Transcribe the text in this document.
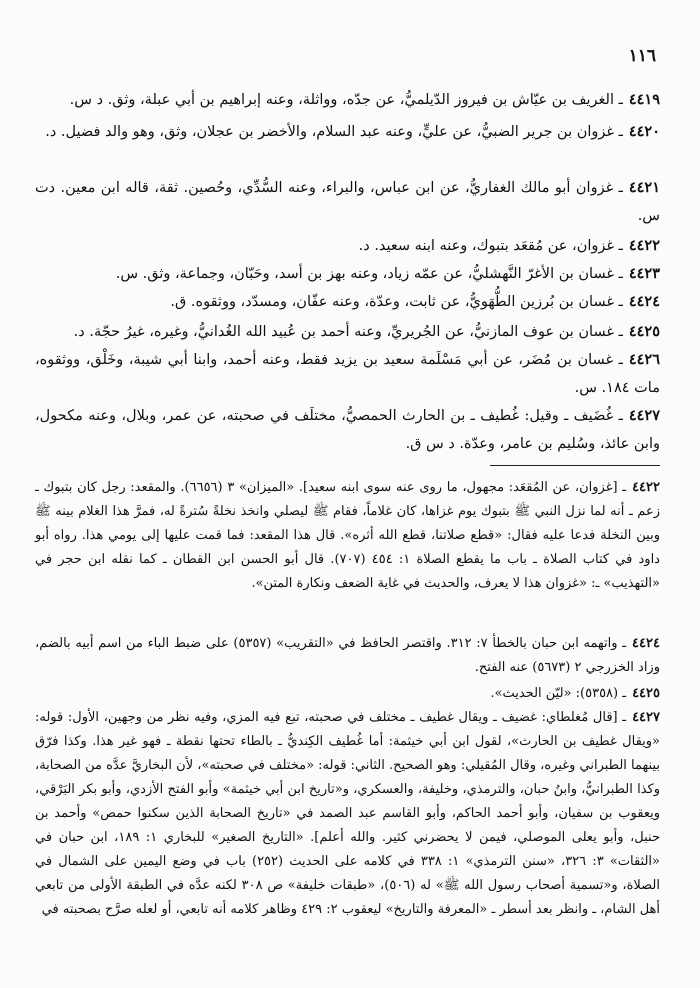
١١٦
٤٤١٩ـ الغريف بن عيّاش بن فيروز الدّيلميُّ، عن جدّه، وواثلة، وعنه إبراهيم بن أبي عبلة، وثق. د س.
٤٤٢٠ـ غزوان بن جرير الضبيُّ، عن عليٍّ، وعنه عبد السلام، والأخضر بن عجلان، وثق، وهو والد فضيل. د.
٤٤٢١ـ غزوان أبو مالك الغفاريُّ، عن ابن عباس، والبراء، وعنه السُّدِّي، وحُصين. ثقة، قاله ابن معين. دت س.
٤٤٢٢ـ غزوان، عن مُقعَد بتبوك، وعنه ابنه سعيد. د.
٤٤٢٣ـ غسان بن الأغرّ النَّهشليُّ، عن عمّه زياد، وعنه بهز بن أسد، وحَبّان، وجماعة، وثق. س.
٤٤٢٤ـ غسان بن بُرزين الطُّهَويُّ، عن ثابت، وعدّة، وعنه عفّان، ومسدّد، ووثقوه. ق.
٤٤٢٥ـ غسان بن عوف المازنيُّ، عن الجُريريِّ، وعنه أحمد بن عُبيد الله الغُدانيُّ، وغيره، غيرُ حجّة. د.
٤٤٢٦ـ غسان بن مُضَر، عن أبي مَسْلَمة سعيد بن يزيد فقط، وعنه أحمد، وابنا أبي شيبة، وخَلْق، ووثقوه، مات ١٨٤. س.
٤٤٢٧ـ غُضَيف ـ وقيل: غُطيف ـ بن الحارث الحمصيُّ، مختلَف في صحبته، عن عمر، وبلال، وعنه مكحول، وابن عائذ، وسُليم بن عامر، وعدّة. د س ق.
٤٤٢٢ـ [غزوان، عن المُقعَد: مجهول، ما روى عنه سوى ابنه سعيد]. «الميزان» ٣ (٦٦٥٦). والمقعد: رجل كان بتبوك ـ زعم ـ أنه لما نزل النبي ﷺ بتبوك يوم غزاها، كان غلاماً، فقام ﷺ ليصلي وانخذ نخلةً سُترةً له، فمرَّ هذا الغلام بينه ﷺ وبين النخلة فدعا عليه فقال: «قطع صلاتنا، قطع الله أثره». قال هذا المقعد: فما قمت عليها إلى يومي هذا. رواه أبو داود في كتاب الصلاة ـ باب ما يقطع الصلاة ١: ٤٥٤ (٧٠٧). قال أبو الحسن ابن القطان ـ كما نقله ابن حجر في «التهذيب» ـ: «غزوان هذا لا يعرف، والحديث في غاية الضعف ونكارة المتن».
٤٤٢٤ـ واتهمه ابن حبان بالخطأ ٧: ٣١٢. واقتصر الحافظ في «التقريب» (٥٣٥٧) على ضبط الباء من اسم أبيه بالضم، وزاد الخزرجي ٢ (٥٦٧٣) عنه الفتح.
٤٤٢٥ـ (٥٣٥٨): «ليّن الحديث».
٤٤٢٧ـ [قال مُغلطاي: غضيف ـ ويقال غطيف ـ مختلف في صحبته، تبع فيه المزي، وفيه نظر من وجهين، الأول: قوله: «ويقال غطيف بن الحارث»، لقول ابن أبي خيثمة: أما غُطيف الكِنديُّ ـ بالطاء تحتها نقطة ـ فهو غير هذا. وكذا فرّق بينهما الطبراني وغيره، وقال المُقيلي: وهو الصحيح. الثاني: قوله: «مختلف في صحبته»، لأن البخاريَّ عدَّه من الصحابة، وكذا الطبرانيُّ، وابنُ حبان، والترمذي، وخليفة، والعسكري، و«تاريخ ابن أبي خيثمة» وأبو الفتح الأزدي، وأبو بكر البَرْقي، ويعقوب بن سفيان، وأبو أحمد الحاكم، وأبو القاسم عبد الصمد في «تاريخ الصحابة الذين سكنوا حمص» وأحمد بن حنبل، وأبو يعلى الموصلي، فيمن لا يحضرني كثير. والله أعلم]. «التاريخ الصغير» للبخاري ١: ١٨٩، ابن حبان في «الثقات» ٣: ٣٢٦، «سنن الترمذي» ١: ٣٣٨ في كلامه على الحديث (٢٥٢) باب في وضع اليمين على الشمال في الصلاة، و«تسمية أصحاب رسول الله ﷺ» له (٥٠٦)، «طبقات خليفة» ص ٣٠٨ لكنه عدَّه في الطبقة الأولى من تابعي أهل الشام، ـ وانظر بعد أسطر ـ «المعرفة والتاريخ» ليعقوب ٢: ٤٢٩ وظاهر كلامه أنه تابعي، أو لعله صرَّح بصحبته في
